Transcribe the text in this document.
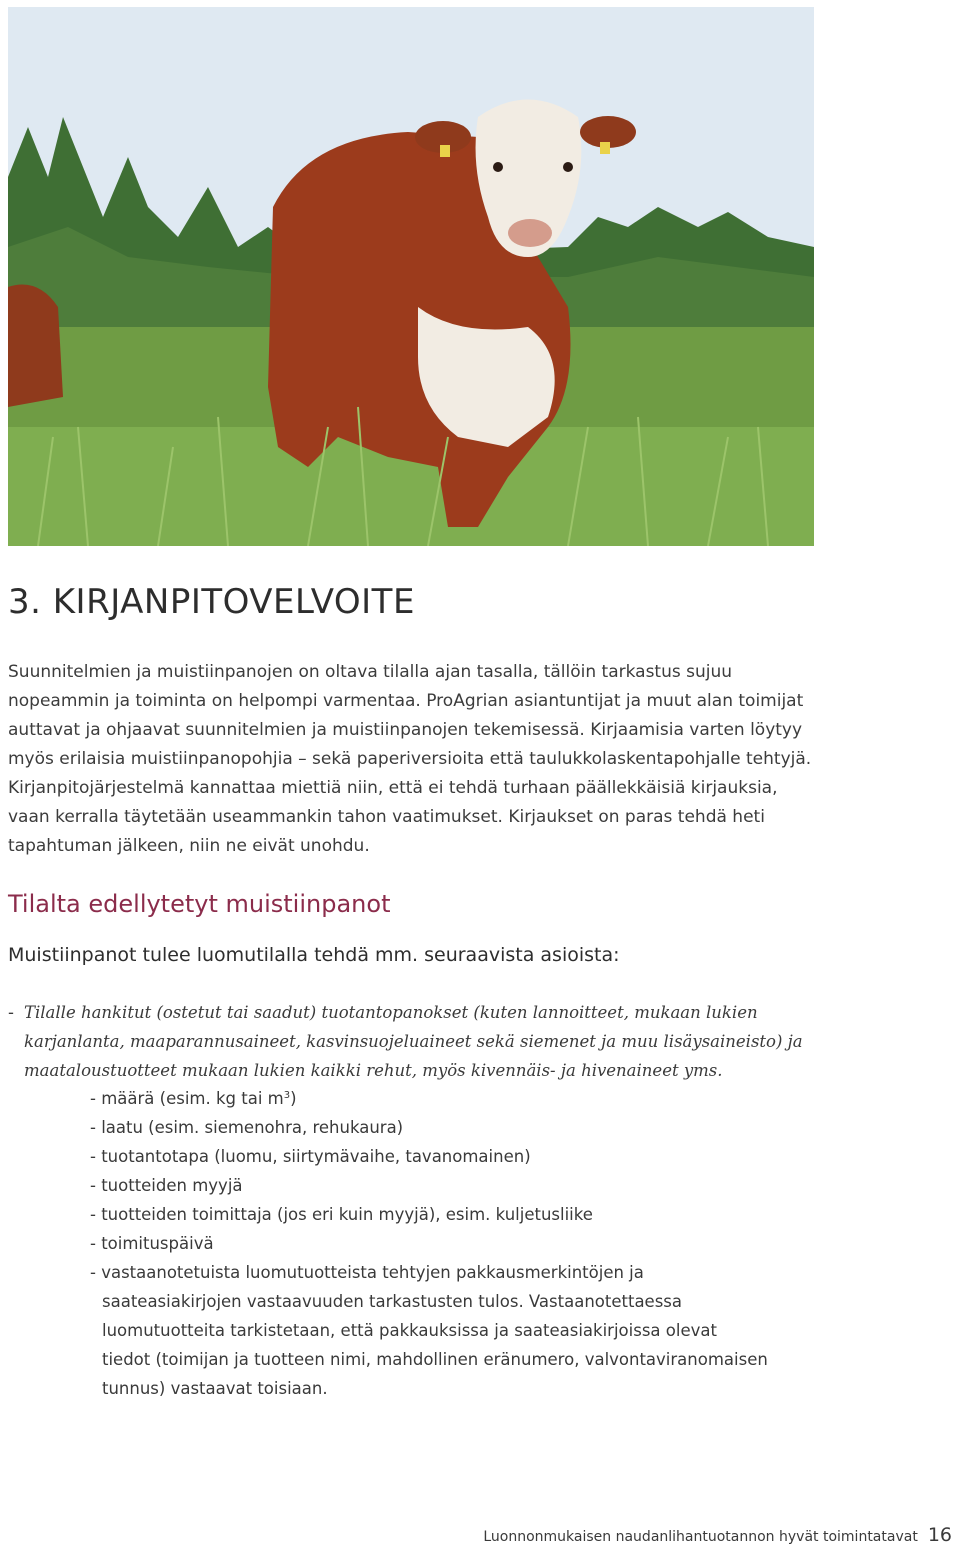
3. KIRJANPITOVELVOITE

Suunnitelmien ja muistiinpanojen on oltava tilalla ajan tasalla, tällöin tarkastus sujuu nopeammin ja toiminta on helpompi varmentaa. ProAgrian asiantuntijat ja muut alan toimijat auttavat ja ohjaavat suunnitelmien ja muistiinpanojen tekemisessä. Kirjaamisia varten löytyy myös erilaisia muistiinpanopohjia – sekä paperiversioita että taulukkolaskentapohjalle tehtyjä. Kirjanpitojärjestelmä kannattaa miettiä niin, että ei tehdä turhaan päällekkäisiä kirjauksia, vaan kerralla täytetään useammankin tahon vaatimukset. Kirjaukset on paras tehdä heti tapahtuman jälkeen, niin ne eivät unohdu.

Tilalta edellytetyt muistiinpanot

Muistiinpanot tulee luomutilalla tehdä mm. seuraavista asioista:

- Tilalle hankitut (ostetut tai saadut) tuotantopanokset (kuten lannoitteet, mukaan lukien karjanlanta, maaparannusaineet, kasvinsuojeluaineet sekä siemenet ja muu lisäysaineisto) ja maataloustuotteet mukaan lukien kaikki rehut, myös kivennäis- ja hivenaineet yms.
- määrä (esim. kg tai $m^3$)
- laatu (esim. siemenohra, rehukaura)
- tuotantotapa (luomu, siirtymävaihe, tavanomainen)
- tuotteiden myyjä
- tuotteiden toimittaja (jos eri kuin myyjä), esim. kuljetusliike
- toimituspäivä
- vastaanotetuista luomutuotteista tehtyjen pakkausmerkintöjen ja
saateasiakirjojen vastaavuuden tarkastusten tulos. Vastaanotettaessa luomutuotteita tarkistetaan, että pakkauksissa ja saateasiakirjoissa olevat tiedot (toimijan ja tuotteen nimi, mahdollinen eränumero, valvontaviranomaisen tunnus) vastaavat toisiaan.
Luonnonmukaisen naudanlihantuotannon hyvät toimintatavat 16
